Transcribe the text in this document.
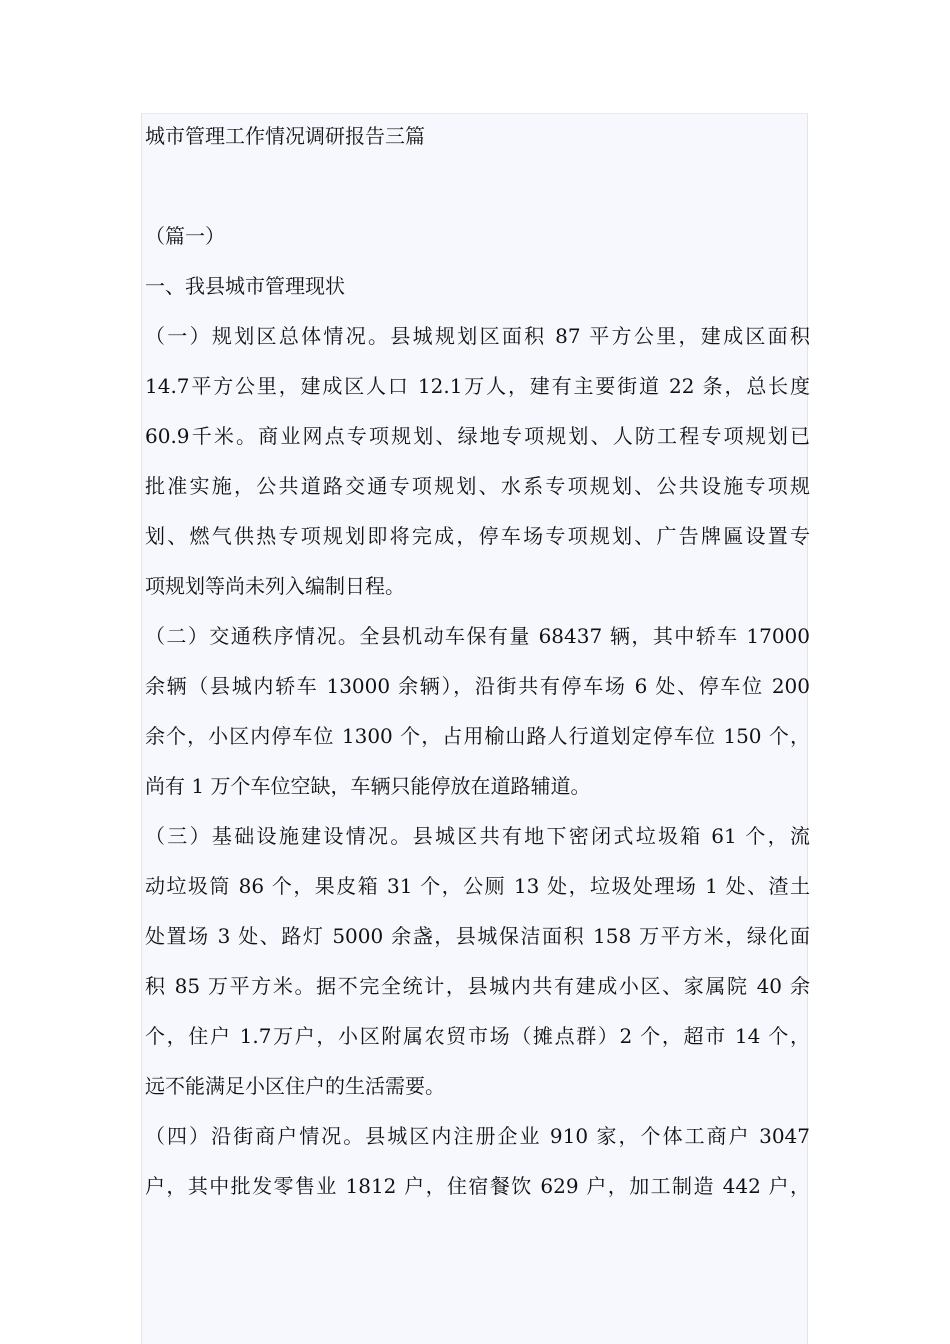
城市管理工作情况调研报告三篇
（篇一）
一、我县城市管理现状
（一）规划区总体情况。县城规划区面积 87 平方公里，建成区面积
14.7平方公里，建成区人口 12.1万人，建有主要街道 22 条，总长度
60.9千米。商业网点专项规划、绿地专项规划、人防工程专项规划已
批准实施，公共道路交通专项规划、水系专项规划、公共设施专项规
划、燃气供热专项规划即将完成，停车场专项规划、广告牌匾设置专
项规划等尚未列入编制日程。
（二）交通秩序情况。全县机动车保有量 68437 辆，其中轿车 17000
余辆（县城内轿车 13000 余辆），沿街共有停车场 6 处、停车位 200
余个，小区内停车位 1300 个，占用榆山路人行道划定停车位 150 个，
尚有 1 万个车位空缺，车辆只能停放在道路辅道。
（三）基础设施建设情况。县城区共有地下密闭式垃圾箱 61 个，流
动垃圾筒 86 个，果皮箱 31 个，公厕 13 处，垃圾处理场 1 处、渣土
处置场 3 处、路灯 5000 余盏，县城保洁面积 158 万平方米，绿化面
积 85 万平方米。据不完全统计，县城内共有建成小区、家属院 40 余
个，住户 1.7万户，小区附属农贸市场（摊点群）2 个，超市 14 个，
远不能满足小区住户的生活需要。
（四）沿街商户情况。县城区内注册企业 910 家，个体工商户 3047
户，其中批发零售业 1812 户，住宿餐饮 629 户，加工制造 442 户，
